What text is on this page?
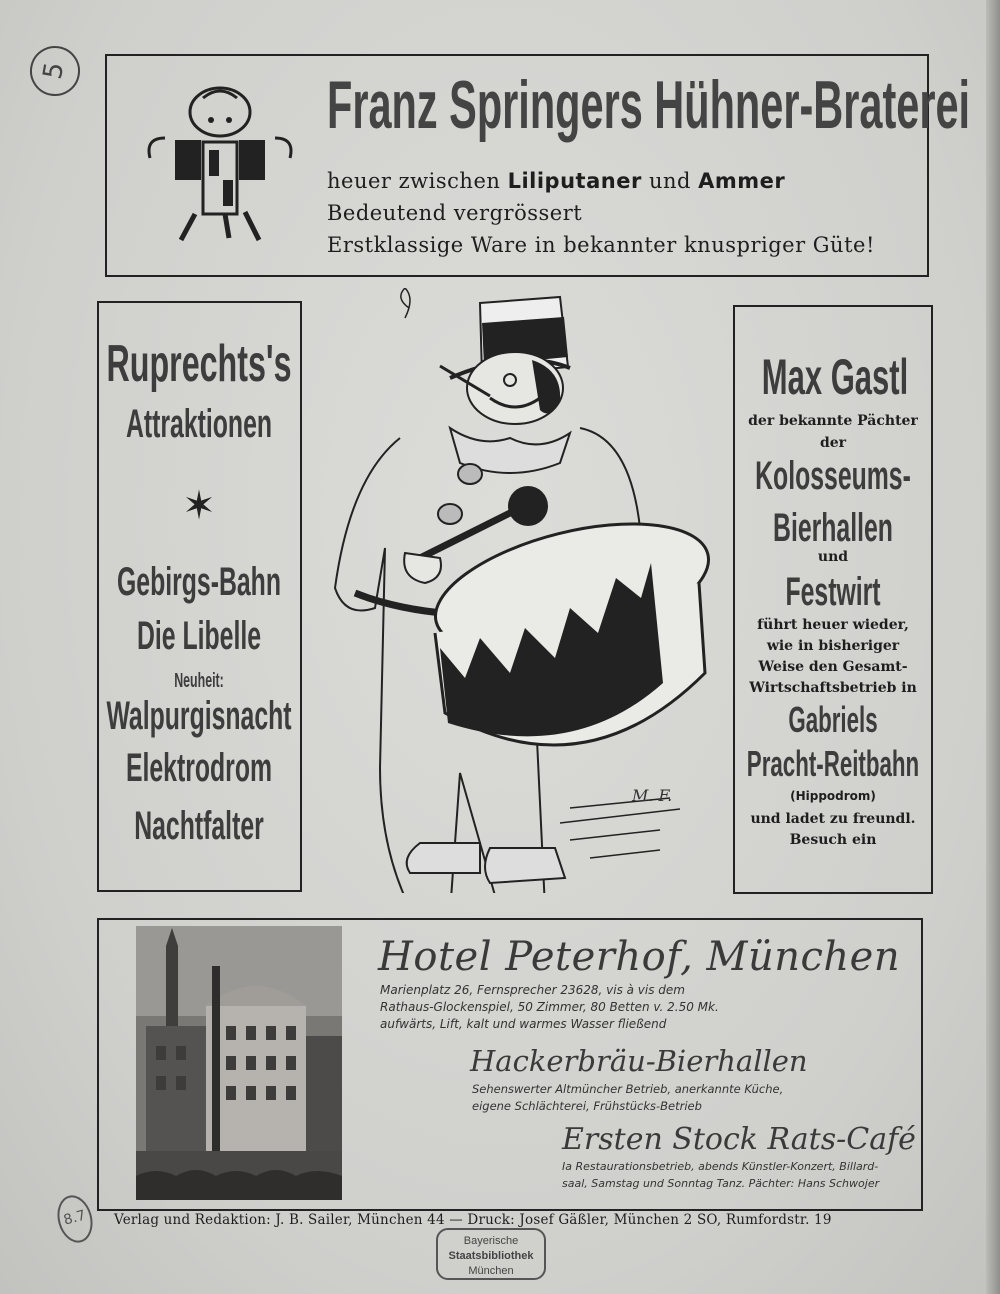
5	Franz Springers Hühner-Braterei
heuer zwischen Liliputaner und Ammer
Bedeutend vergrössert
Erstklassige Ware in bekannter knuspriger Güte!
Ruprechts's
Attraktionen
✶
Gebirgs-Bahn
Die Libelle
Neuheit:
Walpurgisnacht
Elektrodrom
Nachtfalter
M. F.
Max Gastl
der bekannte Pächter
der
Kolosseums-
Bierhallen
und
Festwirt
führt heuer wieder,
wie in bisheriger
Weise den Gesamt-
Wirtschaftsbetrieb in
Gabriels
Pracht-Reitbahn
(Hippodrom)
und ladet zu freundl.
Besuch ein
Hotel Peterhof, München
Marienplatz 26, Fernsprecher 23628, vis à vis dem
Rathaus-Glockenspiel, 50 Zimmer, 80 Betten v. 2.50 Mk.
aufwärts, Lift, kalt und warmes Wasser fließend
Hackerbräu-Bierhallen
Sehenswerter Altmüncher Betrieb, anerkannte Küche,
eigene Schlächterei, Frühstücks-Betrieb
Ersten Stock Rats-Café
Ia Restaurationsbetrieb, abends Künstler-Konzert, Billard-
saal, Samstag und Sonntag Tanz. Pächter: Hans Schwojer
8.7	Verlag und Redaktion: J. B. Sailer, München 44 — Druck: Josef Gäßler, München 2 SO, Rumfordstr. 19
Bayerische
Staatsbibliothek
München
